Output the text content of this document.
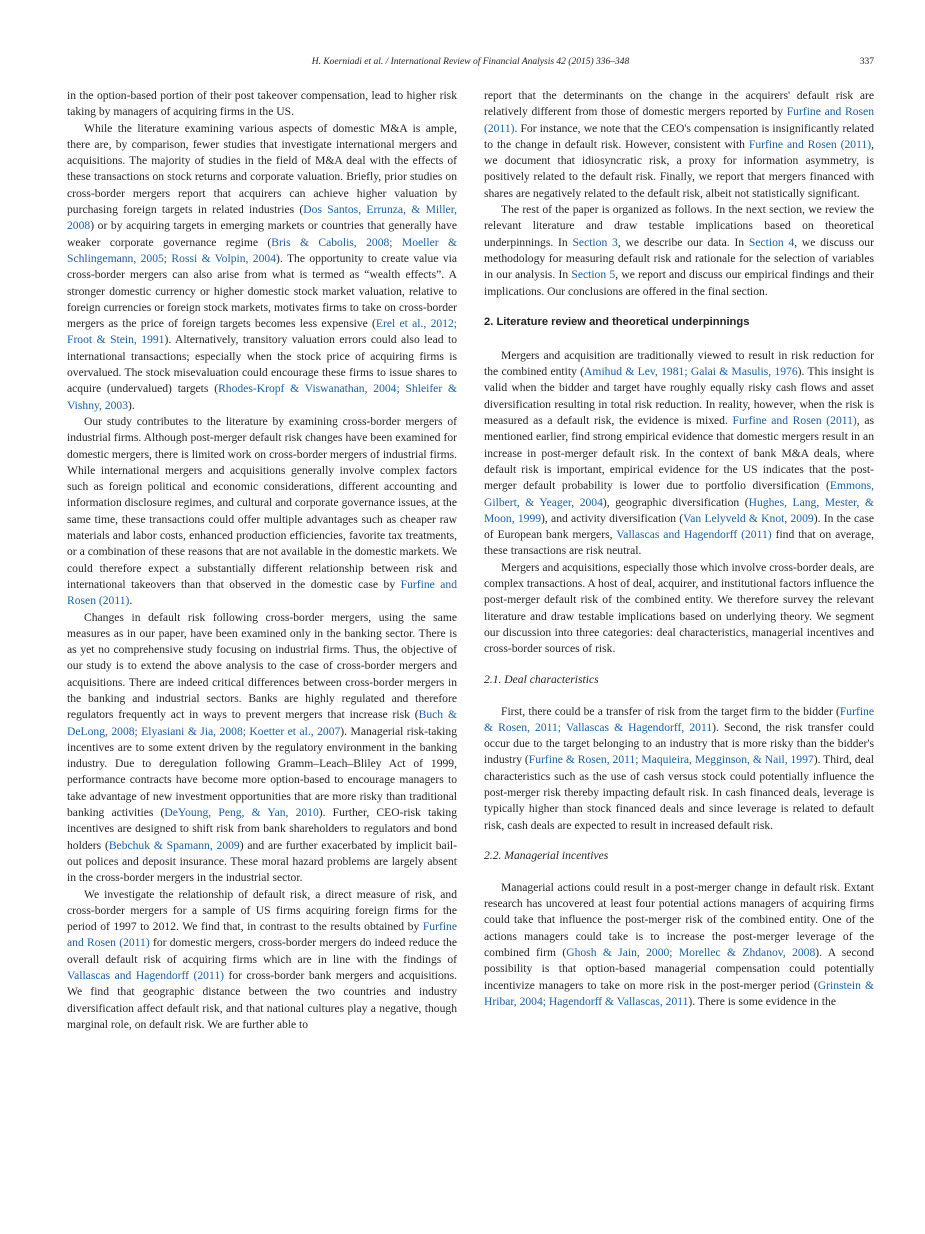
H. Koerniadi et al. / International Review of Financial Analysis 42 (2015) 336–348	337

in the option-based portion of their post takeover compensation, lead to higher risk taking by managers of acquiring firms in the US.

While the literature examining various aspects of domestic M&A is ample, there are, by comparison, fewer studies that investigate international mergers and acquisitions. The majority of studies in the field of M&A deal with the effects of these transactions on stock returns and corporate valuation. Briefly, prior studies on cross-border mergers report that acquirers can achieve higher valuation by purchasing foreign targets in related industries (Dos Santos, Errunza, & Miller, 2008) or by acquiring targets in emerging markets or countries that generally have weaker corporate governance regime (Bris & Cabolis, 2008; Moeller & Schlingemann, 2005; Rossi & Volpin, 2004). The opportunity to create value via cross-border mergers can also arise from what is termed as “wealth effects”. A stronger domestic currency or higher domestic stock market valuation, relative to foreign currencies or foreign stock markets, motivates firms to take on cross-border mergers as the price of foreign targets becomes less expensive (Erel et al., 2012; Froot & Stein, 1991). Alternatively, transitory valuation errors could also lead to international transactions; especially when the stock price of acquiring firms is overvalued. The stock misevaluation could encourage these firms to issue shares to acquire (undervalued) targets (Rhodes-Kropf & Viswanathan, 2004; Shleifer & Vishny, 2003).

Our study contributes to the literature by examining cross-border mergers of industrial firms. Although post-merger default risk changes have been examined for domestic mergers, there is limited work on cross-border mergers of industrial firms. While international mergers and acquisitions generally involve complex factors such as foreign political and economic considerations, different accounting and information disclosure regimes, and cultural and corporate governance issues, at the same time, these transactions could offer multiple advantages such as cheaper raw materials and labor costs, enhanced production efficiencies, favorite tax treatments, or a combination of these reasons that are not available in the domestic markets. We could therefore expect a substantially different relationship between risk and international takeovers than that observed in the domestic case by Furfine and Rosen (2011).

Changes in default risk following cross-border mergers, using the same measures as in our paper, have been examined only in the banking sector. There is as yet no comprehensive study focusing on industrial firms. Thus, the objective of our study is to extend the above analysis to the case of cross-border mergers and acquisitions. There are indeed critical differences between cross-border mergers in the banking and industrial sectors. Banks are highly regulated and therefore regulators frequently act in ways to prevent mergers that increase risk (Buch & DeLong, 2008; Elyasiani & Jia, 2008; Koetter et al., 2007). Managerial risk-taking incentives are to some extent driven by the regulatory environment in the banking industry. Due to deregulation following Gramm–Leach–Bliley Act of 1999, performance contracts have become more option-based to encourage managers to take advantage of new investment opportunities that are more risky than traditional banking activities (DeYoung, Peng, & Yan, 2010). Further, CEO-risk taking incentives are designed to shift risk from bank shareholders to regulators and bond holders (Bebchuk & Spamann, 2009) and are further exacerbated by implicit bail-out polices and deposit insurance. These moral hazard problems are largely absent in the cross-border mergers in the industrial sector.

We investigate the relationship of default risk, a direct measure of risk, and cross-border mergers for a sample of US firms acquiring foreign firms for the period of 1997 to 2012. We find that, in contrast to the results obtained by Furfine and Rosen (2011) for domestic mergers, cross-border mergers do indeed reduce the overall default risk of acquiring firms which are in line with the findings of Vallascas and Hagendorff (2011) for cross-border bank mergers and acquisitions. We find that geographic distance between the two countries and industry diversification affect default risk, and that national cultures play a negative, though marginal role, on default risk. We are further able to

report that the determinants on the change in the acquirers' default risk are relatively different from those of domestic mergers reported by Furfine and Rosen (2011). For instance, we note that the CEO's compensation is insignificantly related to the change in default risk. However, consistent with Furfine and Rosen (2011), we document that idiosyncratic risk, a proxy for information asymmetry, is positively related to the default risk. Finally, we report that mergers financed with shares are negatively related to the default risk, albeit not statistically significant.

The rest of the paper is organized as follows. In the next section, we review the relevant literature and draw testable implications based on theoretical underpinnings. In Section 3, we describe our data. In Section 4, we discuss our methodology for measuring default risk and rationale for the selection of variables in our analysis. In Section 5, we report and discuss our empirical findings and their implications. Our conclusions are offered in the final section.

2. Literature review and theoretical underpinnings

Mergers and acquisition are traditionally viewed to result in risk reduction for the combined entity (Amihud & Lev, 1981; Galai & Masulis, 1976). This insight is valid when the bidder and target have roughly equally risky cash flows and asset diversification resulting in total risk reduction. In reality, however, when the risk is measured as a default risk, the evidence is mixed. Furfine and Rosen (2011), as mentioned earlier, find strong empirical evidence that domestic mergers result in an increase in post-merger default risk. In the context of bank M&A deals, where default risk is important, empirical evidence for the US indicates that the post-merger default probability is lower due to portfolio diversification (Emmons, Gilbert, & Yeager, 2004), geographic diversification (Hughes, Lang, Mester, & Moon, 1999), and activity diversification (Van Lelyveld & Knot, 2009). In the case of European bank mergers, Vallascas and Hagendorff (2011) find that on average, these transactions are risk neutral.

Mergers and acquisitions, especially those which involve cross-border deals, are complex transactions. A host of deal, acquirer, and institutional factors influence the post-merger default risk of the combined entity. We therefore survey the relevant literature and draw testable implications based on underlying theory. We segment our discussion into three categories: deal characteristics, managerial incentives and cross-border sources of risk.

2.1. Deal characteristics

First, there could be a transfer of risk from the target firm to the bidder (Furfine & Rosen, 2011; Vallascas & Hagendorff, 2011). Second, the risk transfer could occur due to the target belonging to an industry that is more risky than the bidder's industry (Furfine & Rosen, 2011; Maquieira, Megginson, & Nail, 1997). Third, deal characteristics such as the use of cash versus stock could potentially influence the post-merger risk thereby impacting default risk. In cash financed deals, leverage is typically higher than stock financed deals and since leverage is related to default risk, cash deals are expected to result in increased default risk.

2.2. Managerial incentives

Managerial actions could result in a post-merger change in default risk. Extant research has uncovered at least four potential actions managers of acquiring firms could take that influence the post-merger risk of the combined entity. One of the actions managers could take is to increase the post-merger leverage of the combined firm (Ghosh & Jain, 2000; Morellec & Zhdanov, 2008). A second possibility is that option-based managerial compensation could potentially incentivize managers to take on more risk in the post-merger period (Grinstein & Hribar, 2004; Hagendorff & Vallascas, 2011). There is some evidence in the
